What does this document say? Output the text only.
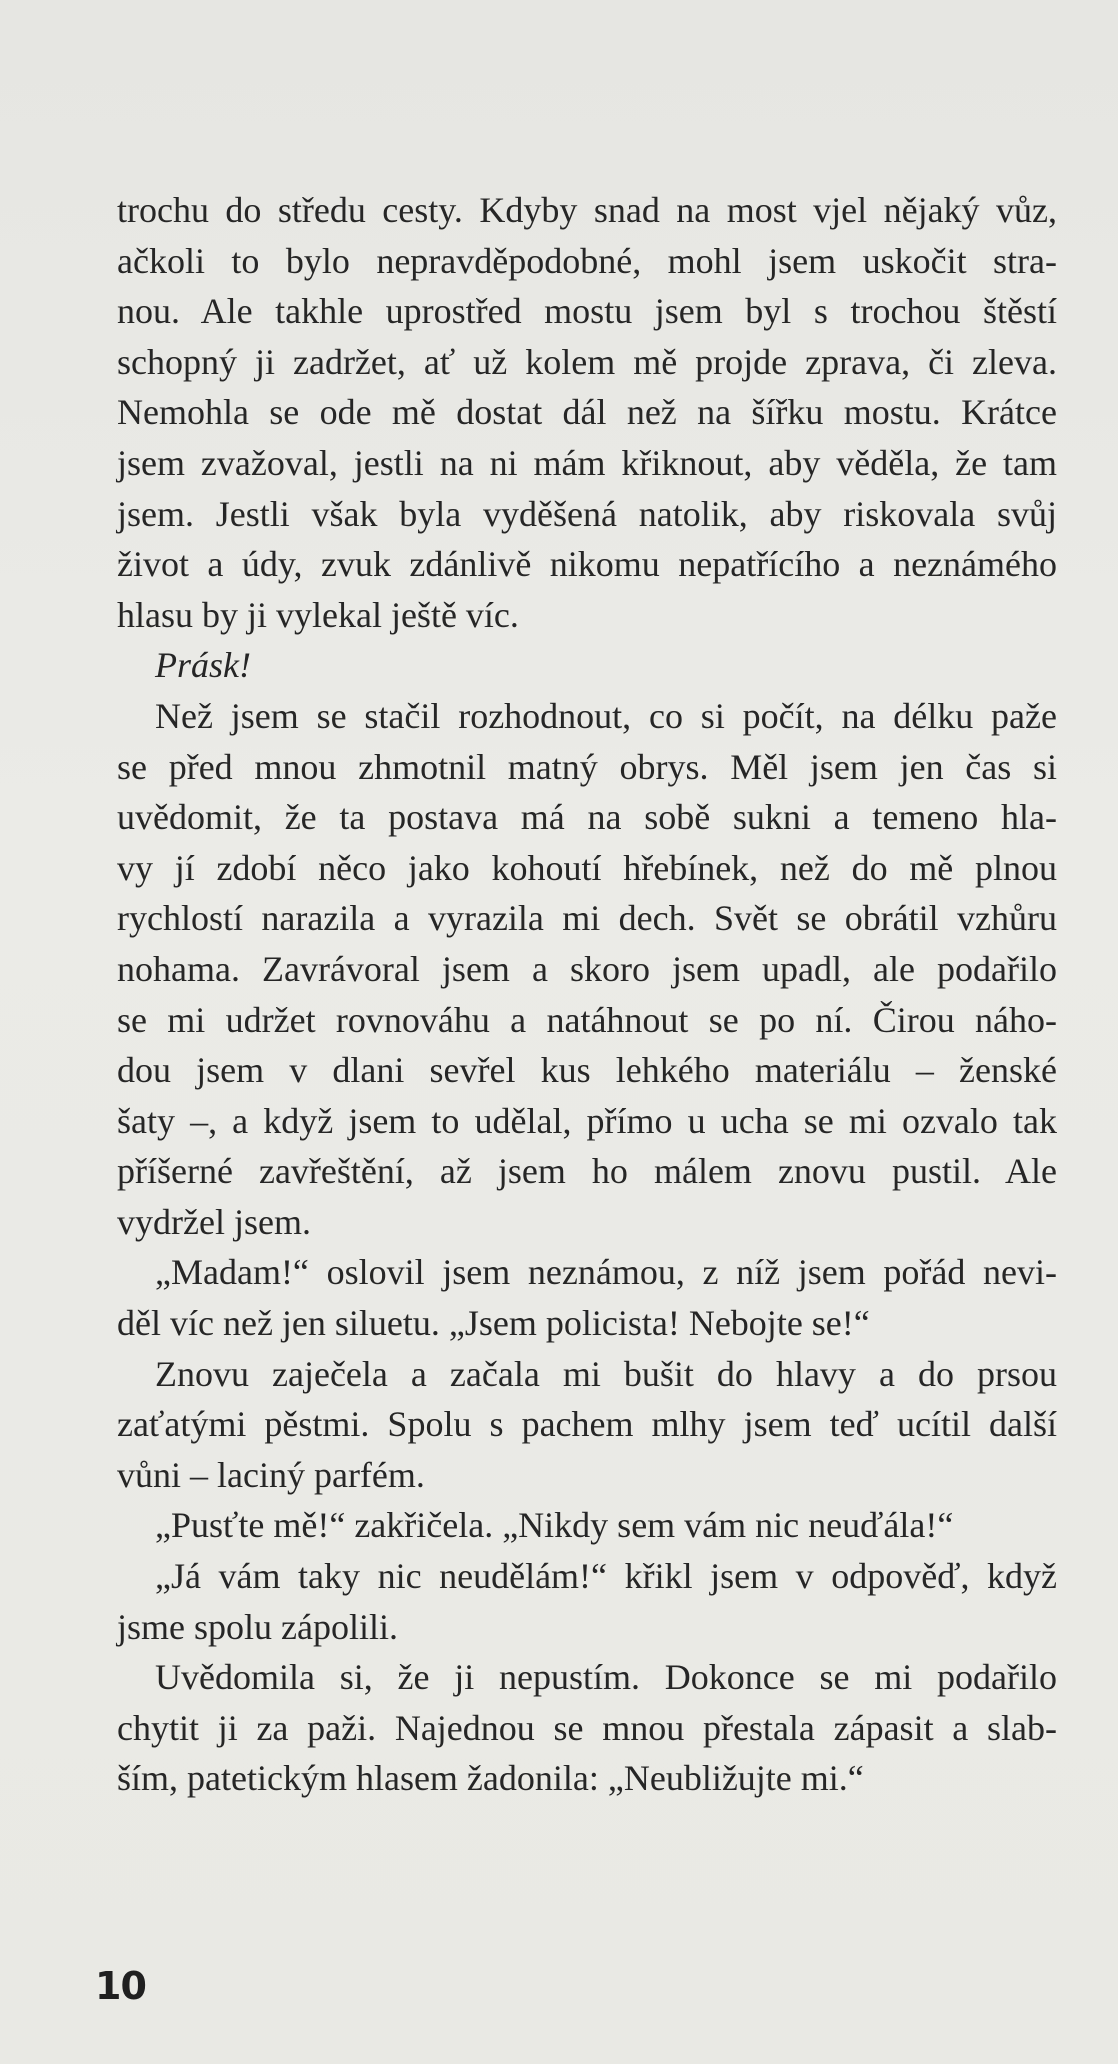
trochu do středu cesty. Kdyby snad na most vjel nějaký vůz,
ačkoli to bylo nepravděpodobné, mohl jsem uskočit stra-
nou. Ale takhle uprostřed mostu jsem byl s trochou štěstí
schopný ji zadržet, ať už kolem mě projde zprava, či zleva.
Nemohla se ode mě dostat dál než na šířku mostu. Krátce
jsem zvažoval, jestli na ni mám křiknout, aby věděla, že tam
jsem. Jestli však byla vyděšená natolik, aby riskovala svůj
život a údy, zvuk zdánlivě nikomu nepatřícího a neznámého
hlasu by ji vylekal ještě víc.

Prásk!

Než jsem se stačil rozhodnout, co si počít, na délku paže
se před mnou zhmotnil matný obrys. Měl jsem jen čas si
uvědomit, že ta postava má na sobě sukni a temeno hla-
vy jí zdobí něco jako kohoutí hřebínek, než do mě plnou
rychlostí narazila a vyrazila mi dech. Svět se obrátil vzhůru
nohama. Zavrávoral jsem a skoro jsem upadl, ale podařilo
se mi udržet rovnováhu a natáhnout se po ní. Čirou náho-
dou jsem v dlani sevřel kus lehkého materiálu – ženské
šaty –, a když jsem to udělal, přímo u ucha se mi ozvalo tak
příšerné zavřeštění, až jsem ho málem znovu pustil. Ale
vydržel jsem.

„Madam!“ oslovil jsem neznámou, z níž jsem pořád nevi-
děl víc než jen siluetu. „Jsem policista! Nebojte se!“

Znovu zaječela a začala mi bušit do hlavy a do prsou
zaťatými pěstmi. Spolu s pachem mlhy jsem teď ucítil další
vůni – laciný parfém.

„Pusťte mě!“ zakřičela. „Nikdy sem vám nic neuďála!“

„Já vám taky nic neudělám!“ křikl jsem v odpověď, když
jsme spolu zápolili.

Uvědomila si, že ji nepustím. Dokonce se mi podařilo
chytit ji za paži. Najednou se mnou přestala zápasit a slab-
ším, patetickým hlasem žadonila: „Neubližujte mi.“

10
